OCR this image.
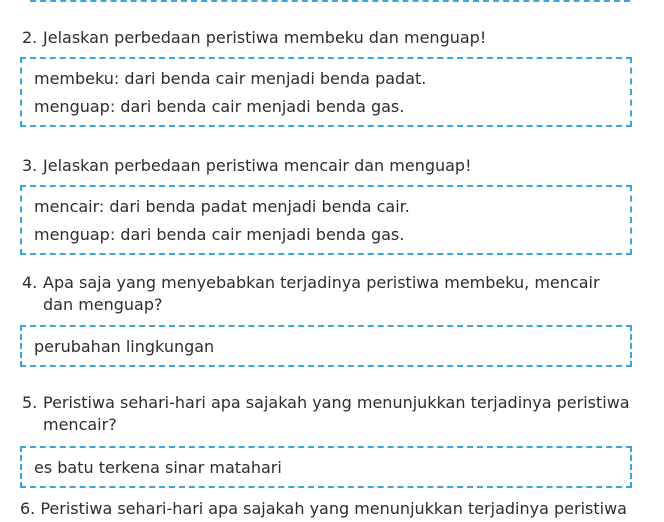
2. Jelaskan perbedaan peristiwa membeku dan menguap!
membeku: dari benda cair menjadi benda padat.
menguap: dari benda cair menjadi benda gas.
3. Jelaskan perbedaan peristiwa mencair dan menguap!
mencair: dari benda padat menjadi benda cair.
menguap: dari benda cair menjadi benda gas.
4. Apa saja yang menyebabkan terjadinya peristiwa membeku, mencair dan menguap?
perubahan lingkungan
5. Peristiwa sehari-hari apa sajakah yang menunjukkan terjadinya peristiwa mencair?
es batu terkena sinar matahari
6. Peristiwa sehari-hari apa sajakah yang menunjukkan terjadinya peristiwa
